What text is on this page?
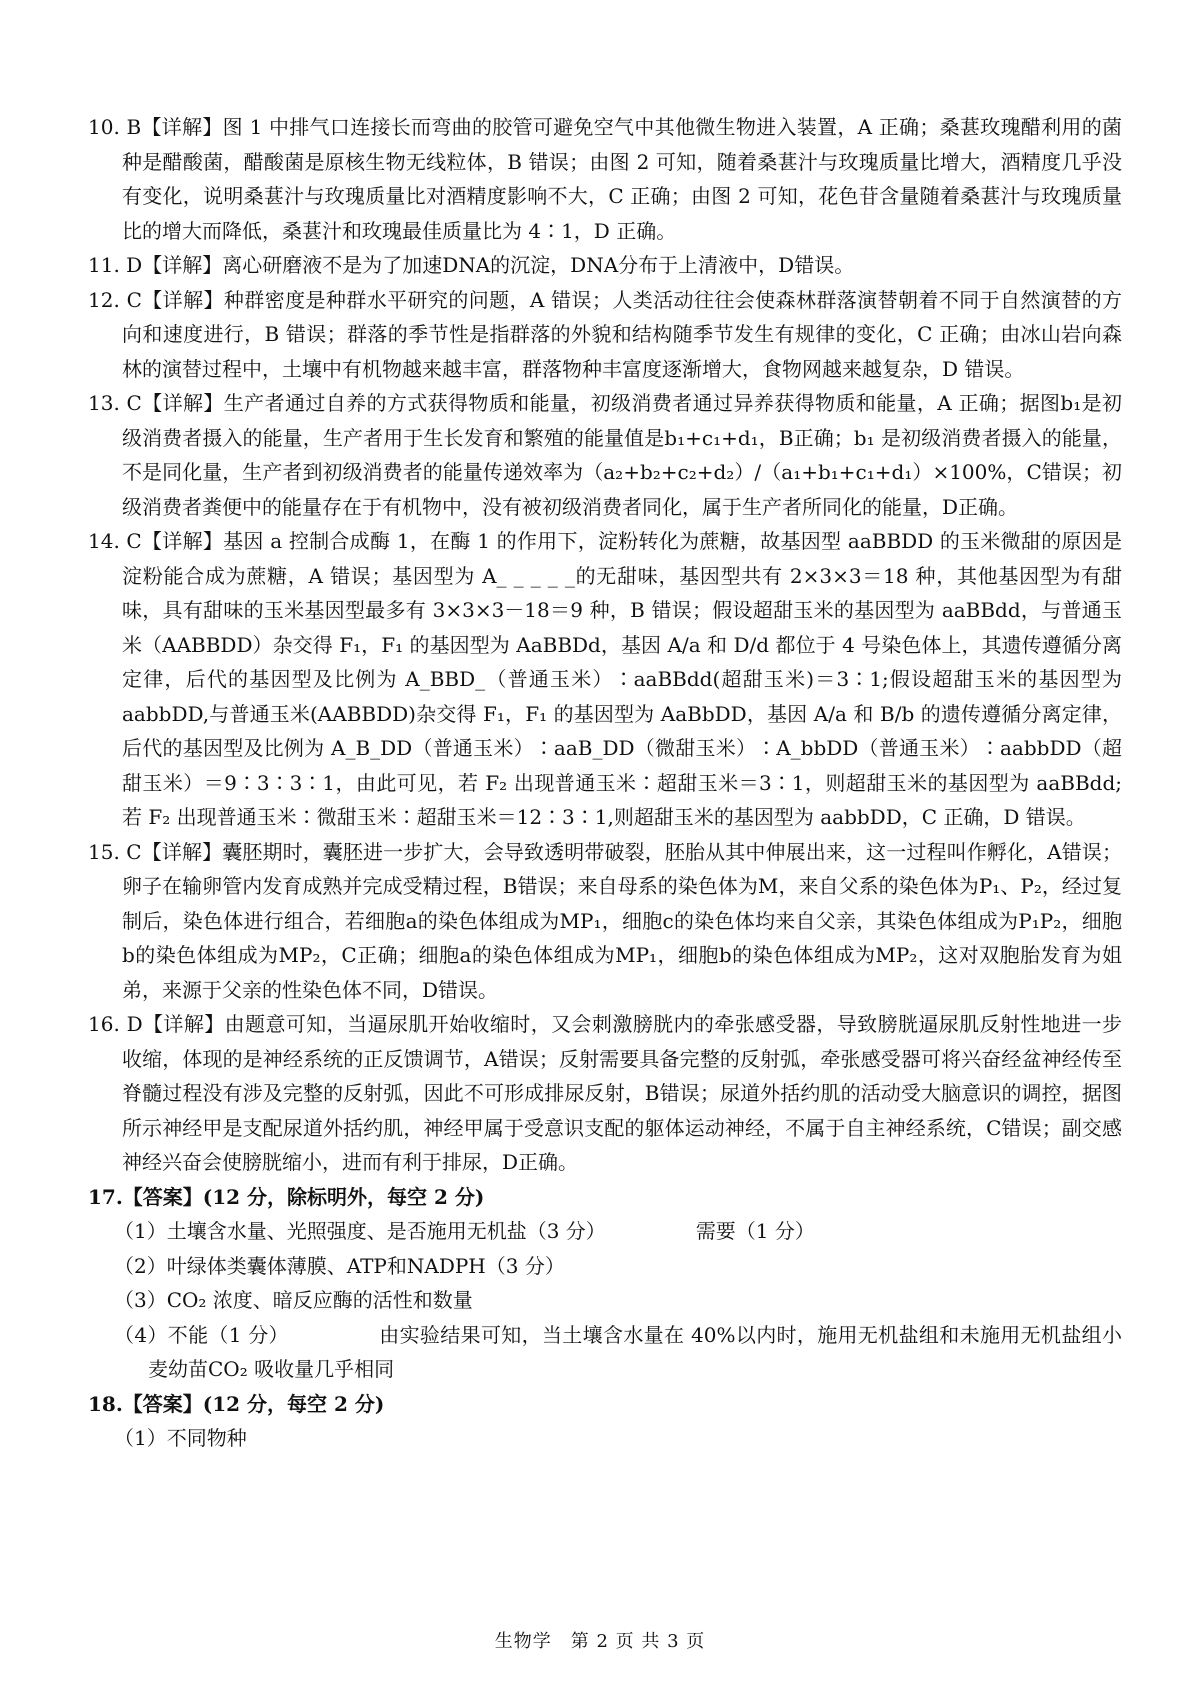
10. B【详解】图 1 中排气口连接长而弯曲的胶管可避免空气中其他微生物进入装置，A 正确；桑葚玫瑰醋利用的菌种是醋酸菌，醋酸菌是原核生物无线粒体，B 错误；由图 2 可知，随着桑葚汁与玫瑰质量比增大，酒精度几乎没有变化，说明桑葚汁与玫瑰质量比对酒精度影响不大，C 正确；由图 2 可知，花色苷含量随着桑葚汁与玫瑰质量比的增大而降低，桑葚汁和玫瑰最佳质量比为 4∶1，D 正确。

11. D【详解】离心研磨液不是为了加速DNA的沉淀，DNA分布于上清液中，D错误。

12. C【详解】种群密度是种群水平研究的问题，A 错误；人类活动往往会使森林群落演替朝着不同于自然演替的方向和速度进行，B 错误；群落的季节性是指群落的外貌和结构随季节发生有规律的变化，C 正确；由冰山岩向森林的演替过程中，土壤中有机物越来越丰富，群落物种丰富度逐渐增大，食物网越来越复杂，D 错误。

13. C【详解】生产者通过自养的方式获得物质和能量，初级消费者通过异养获得物质和能量，A 正确；据图b₁是初级消费者摄入的能量，生产者用于生长发育和繁殖的能量值是b₁+c₁+d₁，B正确；b₁ 是初级消费者摄入的能量，不是同化量，生产者到初级消费者的能量传递效率为（a₂+b₂+c₂+d₂）/（a₁+b₁+c₁+d₁）×100%，C错误；初级消费者粪便中的能量存在于有机物中，没有被初级消费者同化，属于生产者所同化的能量，D正确。

14. C【详解】基因 a 控制合成酶 1，在酶 1 的作用下，淀粉转化为蔗糖，故基因型 aaBBDD 的玉米微甜的原因是淀粉能合成为蔗糖，A 错误；基因型为 A_ _ _ _ _的无甜味，基因型共有 2×3×3＝18 种，其他基因型为有甜味，具有甜味的玉米基因型最多有 3×3×3－18＝9 种，B 错误；假设超甜玉米的基因型为 aaBBdd，与普通玉米（AABBDD）杂交得 F₁，F₁ 的基因型为 AaBBDd，基因 A/a 和 D/d 都位于 4 号染色体上，其遗传遵循分离定律，后代的基因型及比例为 A_BBD_（普通玉米）∶aaBBdd(超甜玉米)＝3∶1;假设超甜玉米的基因型为 aabbDD,与普通玉米(AABBDD)杂交得 F₁，F₁ 的基因型为 AaBbDD，基因 A/a 和 B/b 的遗传遵循分离定律，后代的基因型及比例为 A_B_DD（普通玉米）∶aaB_DD（微甜玉米）∶A_bbDD（普通玉米）∶aabbDD（超甜玉米）＝9∶3∶3∶1，由此可见，若 F₂ 出现普通玉米∶超甜玉米＝3∶1，则超甜玉米的基因型为 aaBBdd;若 F₂ 出现普通玉米∶微甜玉米∶超甜玉米＝12∶3∶1,则超甜玉米的基因型为 aabbDD，C 正确，D 错误。

15. C【详解】囊胚期时，囊胚进一步扩大，会导致透明带破裂，胚胎从其中伸展出来，这一过程叫作孵化，A错误；卵子在输卵管内发育成熟并完成受精过程，B错误；来自母系的染色体为M，来自父系的染色体为P₁、P₂，经过复制后，染色体进行组合，若细胞a的染色体组成为MP₁，细胞c的染色体均来自父亲，其染色体组成为P₁P₂，细胞b的染色体组成为MP₂，C正确；细胞a的染色体组成为MP₁，细胞b的染色体组成为MP₂，这对双胞胎发育为姐弟，来源于父亲的性染色体不同，D错误。

16. D【详解】由题意可知，当逼尿肌开始收缩时，又会刺激膀胱内的牵张感受器，导致膀胱逼尿肌反射性地进一步收缩，体现的是神经系统的正反馈调节，A错误；反射需要具备完整的反射弧，牵张感受器可将兴奋经盆神经传至脊髓过程没有涉及完整的反射弧，因此不可形成排尿反射，B错误；尿道外括约肌的活动受大脑意识的调控，据图所示神经甲是支配尿道外括约肌，神经甲属于受意识支配的躯体运动神经，不属于自主神经系统，C错误；副交感神经兴奋会使膀胱缩小，进而有利于排尿，D正确。

17.【答案】(12 分，除标明外，每空 2 分)

（1）土壤含水量、光照强度、是否施用无机盐（3 分）	需要（1 分）

（2）叶绿体类囊体薄膜、ATP和NADPH（3 分）

（3）CO₂ 浓度、暗反应酶的活性和数量

（4）不能（1 分）	由实验结果可知，当土壤含水量在 40%以内时，施用无机盐组和未施用无机盐组小麦幼苗CO₂ 吸收量几乎相同

18.【答案】(12 分，每空 2 分)

（1）不同物种

生物学　第 2 页 共 3 页
